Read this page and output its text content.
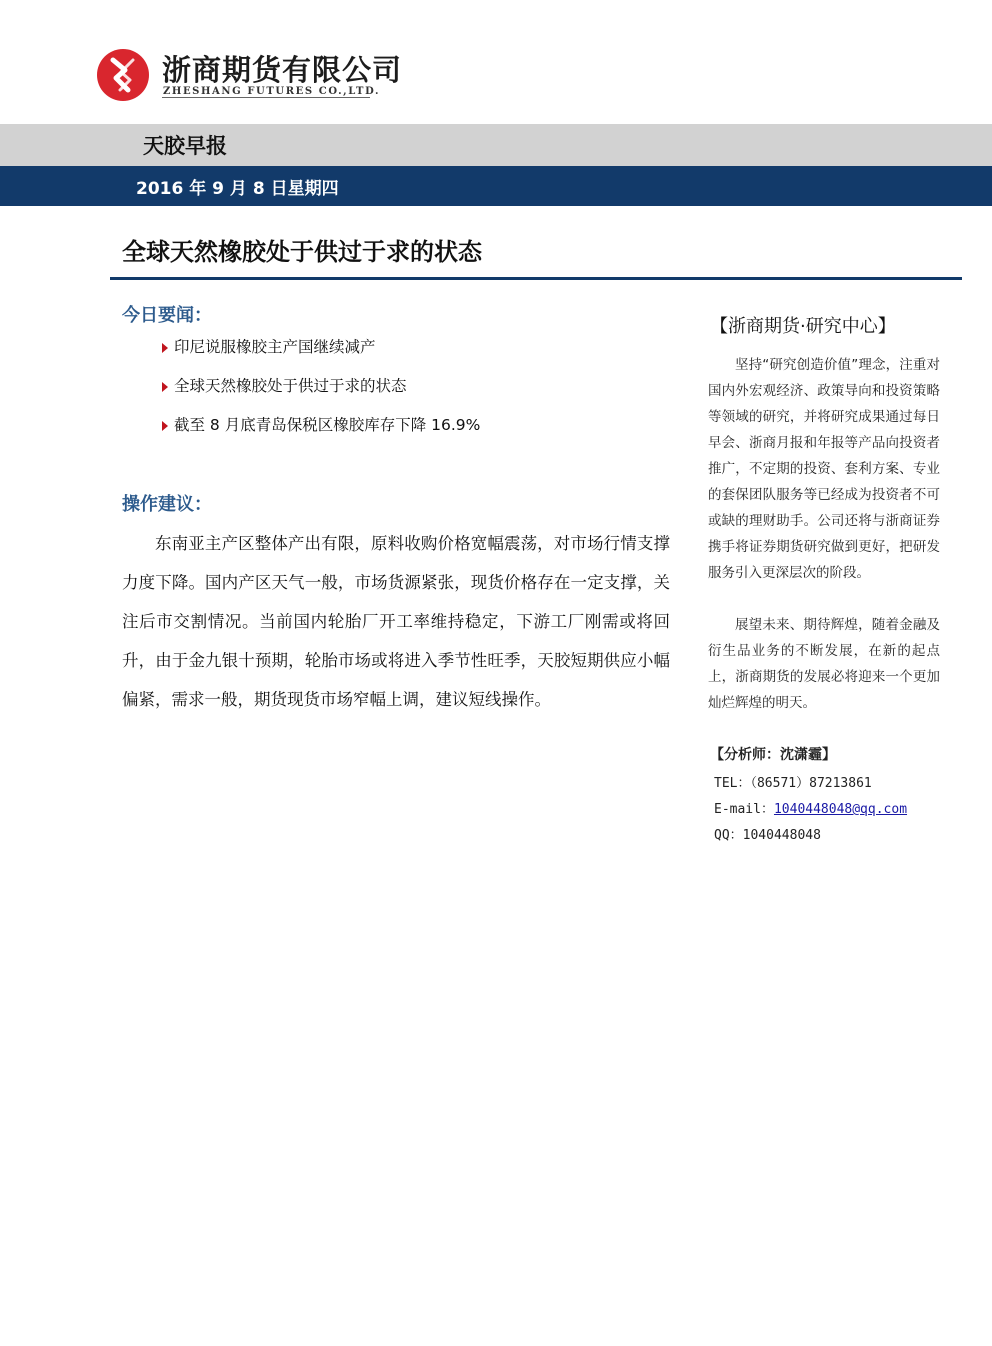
浙商期货有限公司
ZHESHANG FUTURES CO.,LTD.
天胶早报
2016 年 9 月 8 日星期四
全球天然橡胶处于供过于求的状态
今日要闻：
印尼说服橡胶主产国继续减产
全球天然橡胶处于供过于求的状态
截至 8 月底青岛保税区橡胶库存下降 16.9%
操作建议：
东南亚主产区整体产出有限，原料收购价格宽幅震荡，对市场行情支撑力度下降。国内产区天气一般，市场货源紧张，现货价格存在一定支撑，关注后市交割情况。当前国内轮胎厂开工率维持稳定，下游工厂刚需或将回升，由于金九银十预期，轮胎市场或将进入季节性旺季，天胶短期供应小幅偏紧，需求一般，期货现货市场窄幅上调，建议短线操作。
【浙商期货·研究中心】
坚持“研究创造价值”理念，注重对国内外宏观经济、政策导向和投资策略等领域的研究，并将研究成果通过每日早会、浙商月报和年报等产品向投资者推广，不定期的投资、套利方案、专业的套保团队服务等已经成为投资者不可或缺的理财助手。公司还将与浙商证券携手将证券期货研究做到更好，把研发服务引入更深层次的阶段。
展望未来、期待辉煌，随着金融及衍生品业务的不断发展，在新的起点上，浙商期货的发展必将迎来一个更加灿烂辉煌的明天。
【分析师：沈潇霾】
TEL：（86571）87213861
E-mail：1040448048@qq.com
QQ：1040448048
